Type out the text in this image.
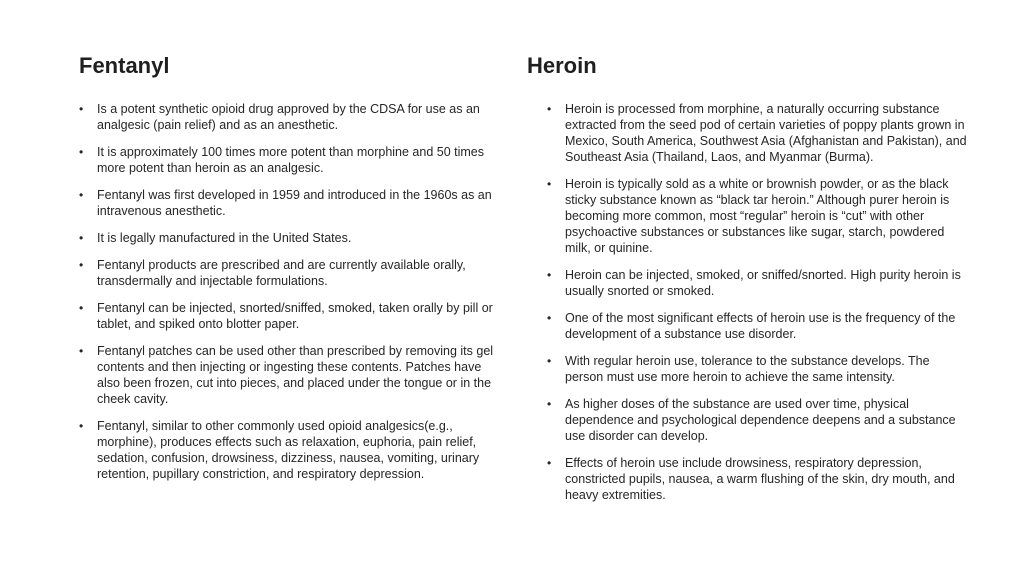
Fentanyl
• Is a potent synthetic opioid drug approved by the CDSA for use as an analgesic (pain relief) and as an anesthetic.
• It is approximately 100 times more potent than morphine and 50 times more potent than heroin as an analgesic.
• Fentanyl was first developed in 1959 and introduced in the 1960s as an intravenous anesthetic.
• It is legally manufactured in the United States.
• Fentanyl products are prescribed and are currently available orally, transdermally and injectable formulations.
• Fentanyl can be injected, snorted/sniffed, smoked, taken orally by pill or tablet, and spiked onto blotter paper.
• Fentanyl patches can be used other than prescribed by removing its gel contents and then injecting or ingesting these contents. Patches have also been frozen, cut into pieces, and placed under the tongue or in the cheek cavity.
• Fentanyl, similar to other commonly used opioid analgesics(e.g., morphine), produces effects such as relaxation, euphoria, pain relief, sedation, confusion, drowsiness, dizziness, nausea, vomiting, urinary retention, pupillary constriction, and respiratory depression.
Heroin
• Heroin is processed from morphine, a naturally occurring substance extracted from the seed pod of certain varieties of poppy plants grown in Mexico, South America, Southwest Asia (Afghanistan and Pakistan), and Southeast Asia (Thailand, Laos, and Myanmar (Burma).
• Heroin is typically sold as a white or brownish powder, or as the black sticky substance known as “black tar heroin.” Although purer heroin is becoming more common, most “regular” heroin is “cut” with other psychoactive substances or substances like sugar, starch, powdered milk, or quinine.
• Heroin can be injected, smoked, or sniffed/snorted. High purity heroin is usually snorted or smoked.
• One of the most significant effects of heroin use is the frequency of the development of a substance use disorder.
• With regular heroin use, tolerance to the substance develops. The person must use more heroin to achieve the same intensity.
• As higher doses of the substance are used over time, physical dependence and psychological dependence deepens and a substance use disorder can develop.
• Effects of heroin use include drowsiness, respiratory depression, constricted pupils, nausea, a warm flushing of the skin, dry mouth, and heavy extremities.
